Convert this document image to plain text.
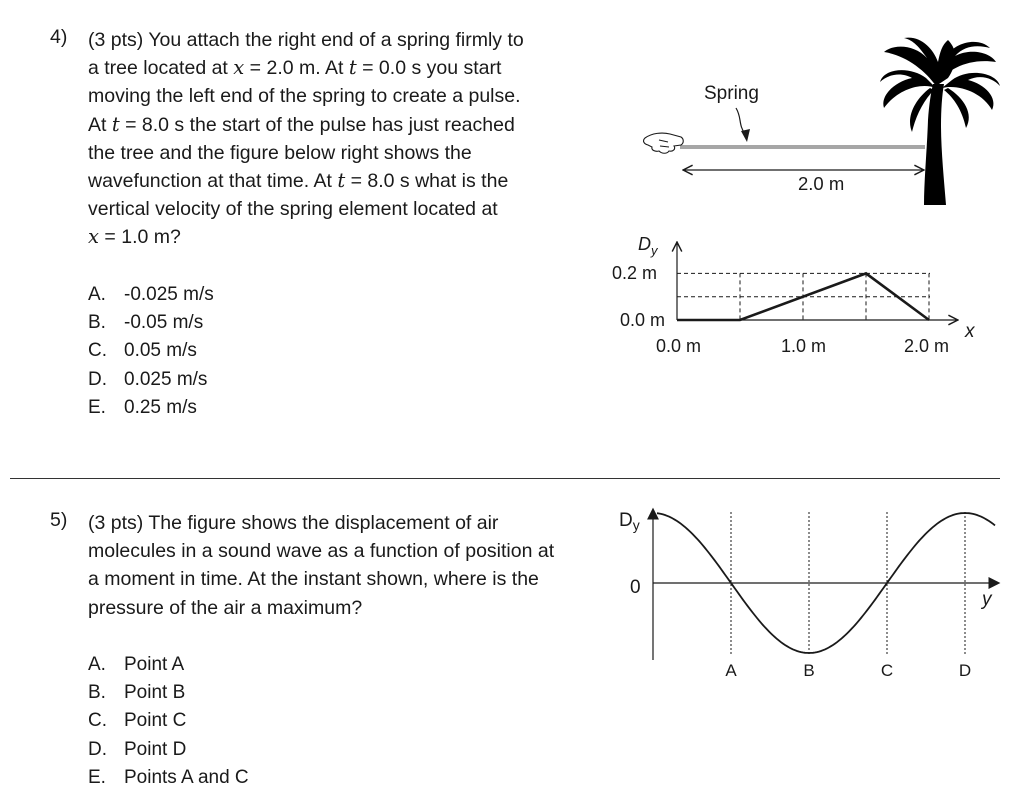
4) (3 pts) You attach the right end of a spring firmly to
a tree located at x = 2.0 m. At t = 0.0 s you start
moving the left end of the spring to create a pulse.
At t = 8.0 s the start of the pulse has just reached
the tree and the figure below right shows the
wavefunction at that time. At t = 8.0 s what is the
vertical velocity of the spring element located at
x = 1.0 m?
A. -0.025 m/s
B. -0.05 m/s
C. 0.05 m/s
D. 0.025 m/s
E. 0.25 m/s
5) (3 pts) The figure shows the displacement of air
molecules in a sound wave as a function of position at
a moment in time. At the instant shown, where is the
pressure of the air a maximum?
A. Point A
B. Point B
C. Point C
D. Point D
E. Points A and C
Spring
2.0 m
$D_y$
0.2 m
0.0 m
0.0 m	1.0 m	2.0 m
x
$D_y$
0
y
A	B	C	D
